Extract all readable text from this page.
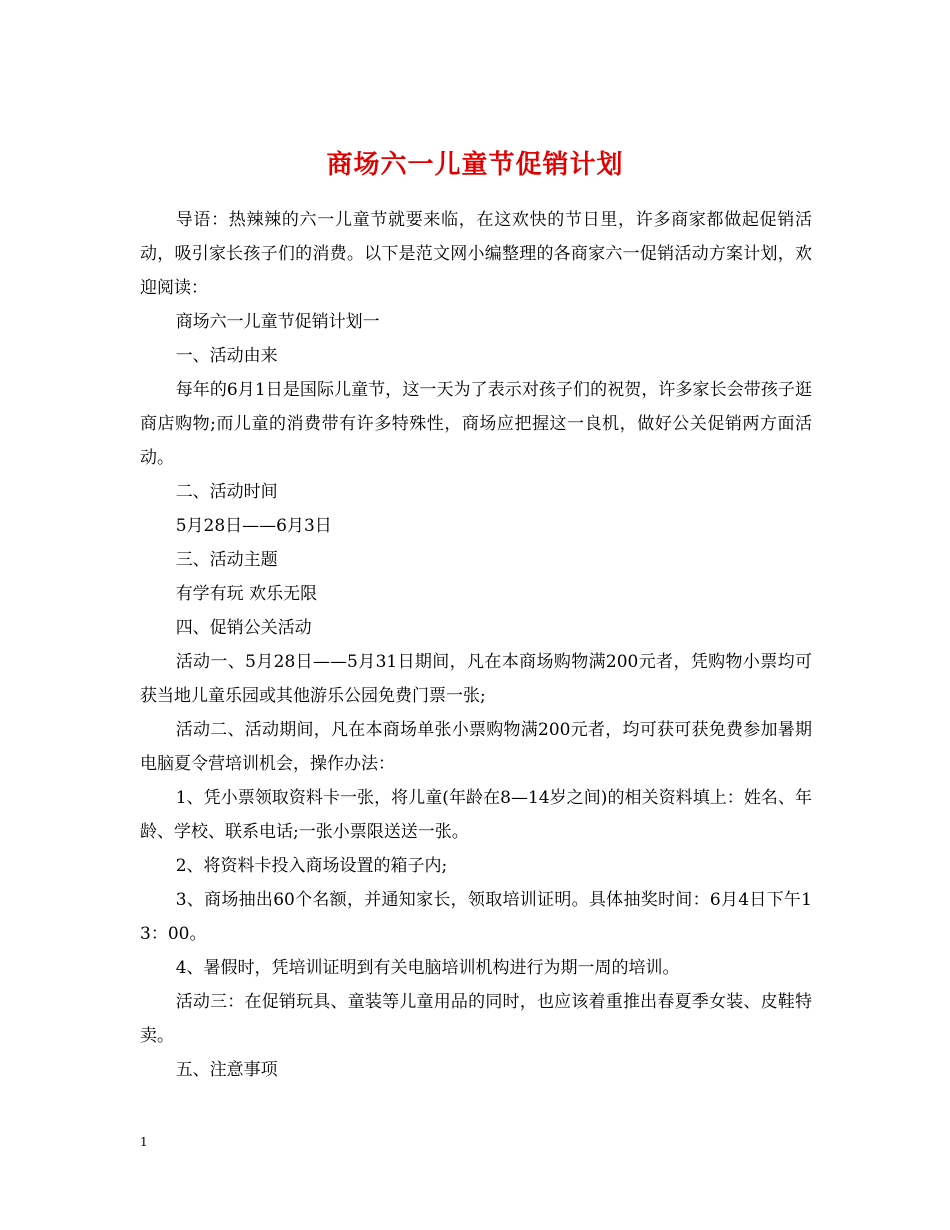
商场六一儿童节促销计划

导语：热辣辣的六一儿童节就要来临，在这欢快的节日里，许多商家都做起促销活动，吸引家长孩子们的消费。以下是范文网小编整理的各商家六一促销活动方案计划，欢迎阅读：

商场六一儿童节促销计划一

一、活动由来

每年的6月1日是国际儿童节，这一天为了表示对孩子们的祝贺，许多家长会带孩子逛商店购物;而儿童的消费带有许多特殊性，商场应把握这一良机，做好公关促销两方面活动。

二、活动时间

5月28日——6月3日

三、活动主题

有学有玩 欢乐无限

四、促销公关活动

活动一、5月28日——5月31日期间，凡在本商场购物满200元者，凭购物小票均可获当地儿童乐园或其他游乐公园免费门票一张;

活动二、活动期间，凡在本商场单张小票购物满200元者，均可获可获免费参加暑期电脑夏令营培训机会，操作办法：

1、凭小票领取资料卡一张，将儿童(年龄在8—14岁之间)的相关资料填上：姓名、年龄、学校、联系电话;一张小票限送送一张。

2、将资料卡投入商场设置的箱子内;

3、商场抽出60个名额，并通知家长，领取培训证明。具体抽奖时间：6月4日下午13：00。

4、暑假时，凭培训证明到有关电脑培训机构进行为期一周的培训。

活动三：在促销玩具、童装等儿童用品的同时，也应该着重推出春夏季女装、皮鞋特卖。

五、注意事项

1
